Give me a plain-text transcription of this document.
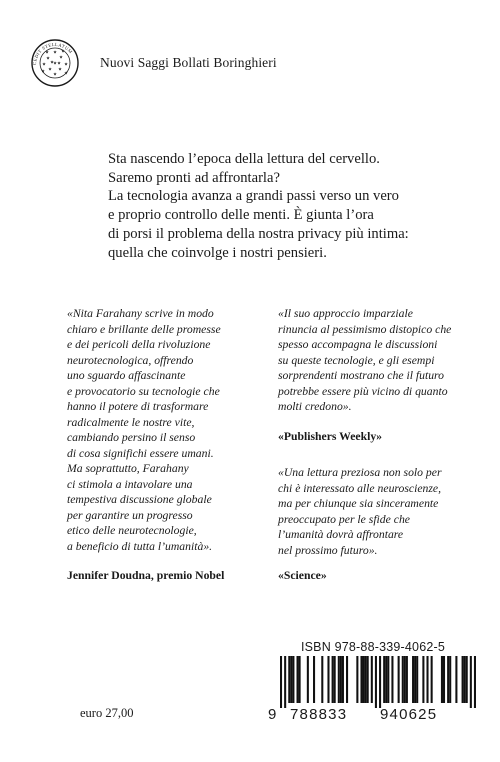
★
★ ★
★ ★
★
★	★
★
★	★
★	★
★ ★
CEDIT STELLATUM
Nuovi Saggi Bollati Boringhieri

Sta nascendo l’epoca della lettura del cervello.
Saremo pronti ad affrontarla?
La tecnologia avanza a grandi passi verso un vero
e proprio controllo delle menti. È giunta l’ora
di porsi il problema della nostra privacy più intima:
quella che coinvolge i nostri pensieri.

«Nita Farahany scrive in modo
chiaro e brillante delle promesse
e dei pericoli della rivoluzione
neurotecnologica, offrendo
uno sguardo affascinante
e provocatorio su tecnologie che
hanno il potere di trasformare
radicalmente le nostre vite,
cambiando persino il senso
di cosa significhi essere umani.
Ma soprattutto, Farahany
ci stimola a intavolare una
tempestiva discussione globale
per garantire un progresso
etico delle neurotecnologie,
a beneficio di tutta l’umanità».

Jennifer Doudna, premio Nobel

«Il suo approccio imparziale
rinuncia al pessimismo distopico che
spesso accompagna le discussioni
su queste tecnologie, e gli esempi
sorprendenti mostrano che il futuro
potrebbe essere più vicino di quanto
molti credono».

«Publishers Weekly»

«Una lettura preziosa non solo per
chi è interessato alle neuroscienze,
ma per chiunque sia sinceramente
preoccupato per le sfide che
l’umanità dovrà affrontare
nel prossimo futuro».

«Science»
euro 27,00
ISBN 978-88-339-4062-5
9 788833 940625
